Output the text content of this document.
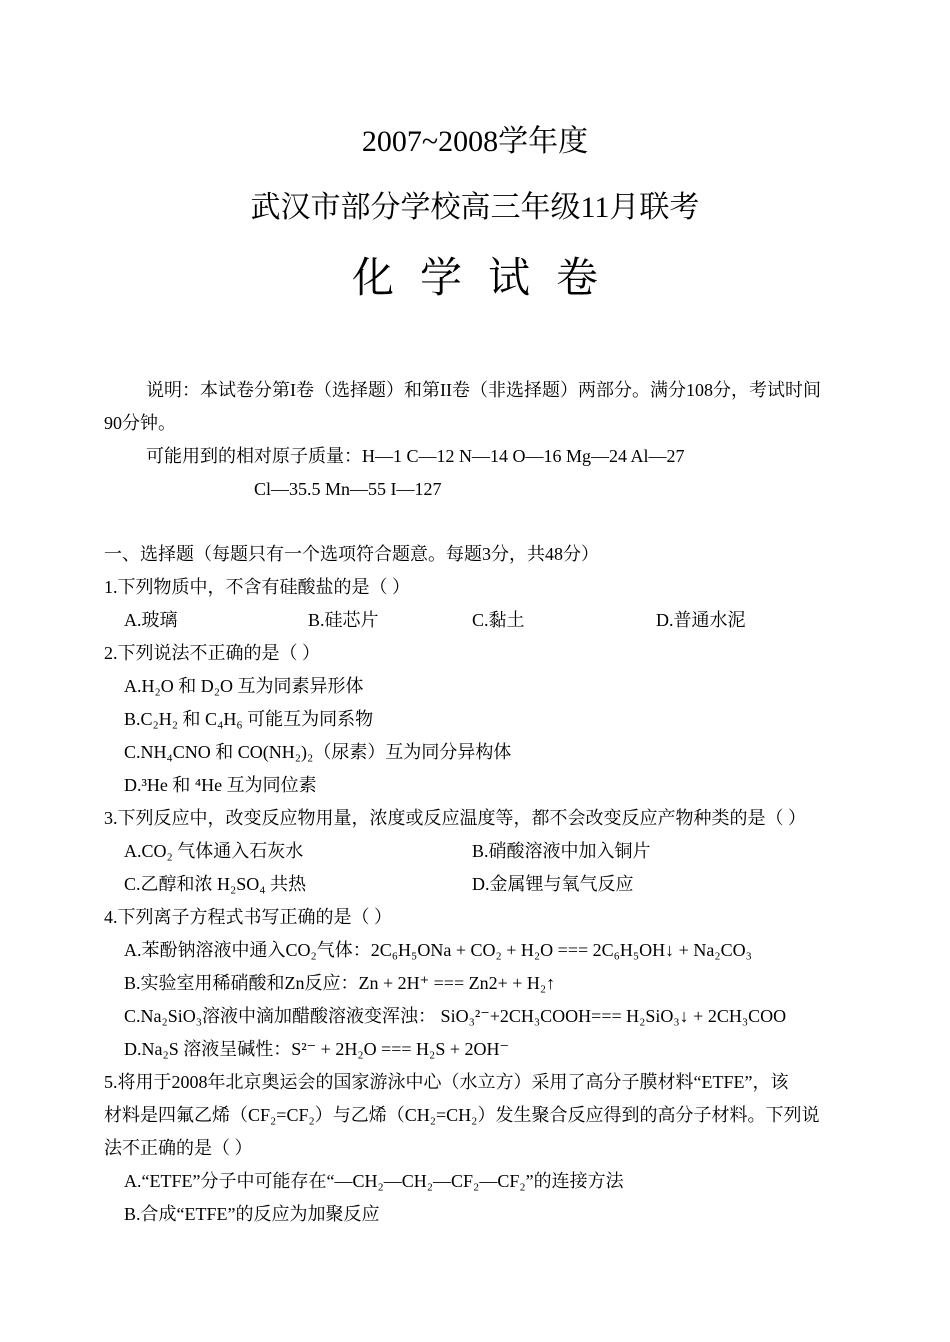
2007~2008学年度
武汉市部分学校高三年级11月联考
化学试卷
说明：本试卷分第I卷（选择题）和第II卷（非选择题）两部分。满分108分，考试时间
90分钟。
可能用到的相对原子质量：H—1 C—12 N—14 O—16 Mg—24 Al—27
Cl—35.5 Mn—55 I—127
一、选择题（每题只有一个选项符合题意。每题3分，共48分）
1.下列物质中，不含有硅酸盐的是（ ）
A.玻璃	B.硅芯片	C.黏土	D.普通水泥
2.下列说法不正确的是（ ）
A.H₂O 和 D₂O 互为同素异形体
B.C₂H₂ 和 C₄H₆ 可能互为同系物
C.NH₄CNO 和 CO(NH₂)₂（尿素）互为同分异构体
D.³He 和 ⁴He 互为同位素
3.下列反应中，改变反应物用量，浓度或反应温度等，都不会改变反应产物种类的是（ ）
A.CO₂ 气体通入石灰水	B.硝酸溶液中加入铜片
C.乙醇和浓 H₂SO₄ 共热	D.金属锂与氧气反应
4.下列离子方程式书写正确的是（ ）
A.苯酚钠溶液中通入CO₂气体：2C₆H₅ONa + CO₂ + H₂O === 2C₆H₅OH↓ + Na₂CO₃
B.实验室用稀硝酸和Zn反应：Zn + 2H⁺ === Zn2+ + H₂↑
C.Na₂SiO₃溶液中滴加醋酸溶液变浑浊： SiO₃²⁻+2CH₃COOH=== H₂SiO₃↓ + 2CH₃COO
D.Na₂S 溶液呈碱性：S²⁻ + 2H₂O === H₂S + 2OH⁻
5.将用于2008年北京奥运会的国家游泳中心（水立方）采用了高分子膜材料“ETFE”，该
材料是四氟乙烯（CF₂=CF₂）与乙烯（CH₂=CH₂）发生聚合反应得到的高分子材料。下列说
法不正确的是（ ）
A.“ETFE”分子中可能存在“—CH₂—CH₂—CF₂—CF₂”的连接方法
B.合成“ETFE”的反应为加聚反应
